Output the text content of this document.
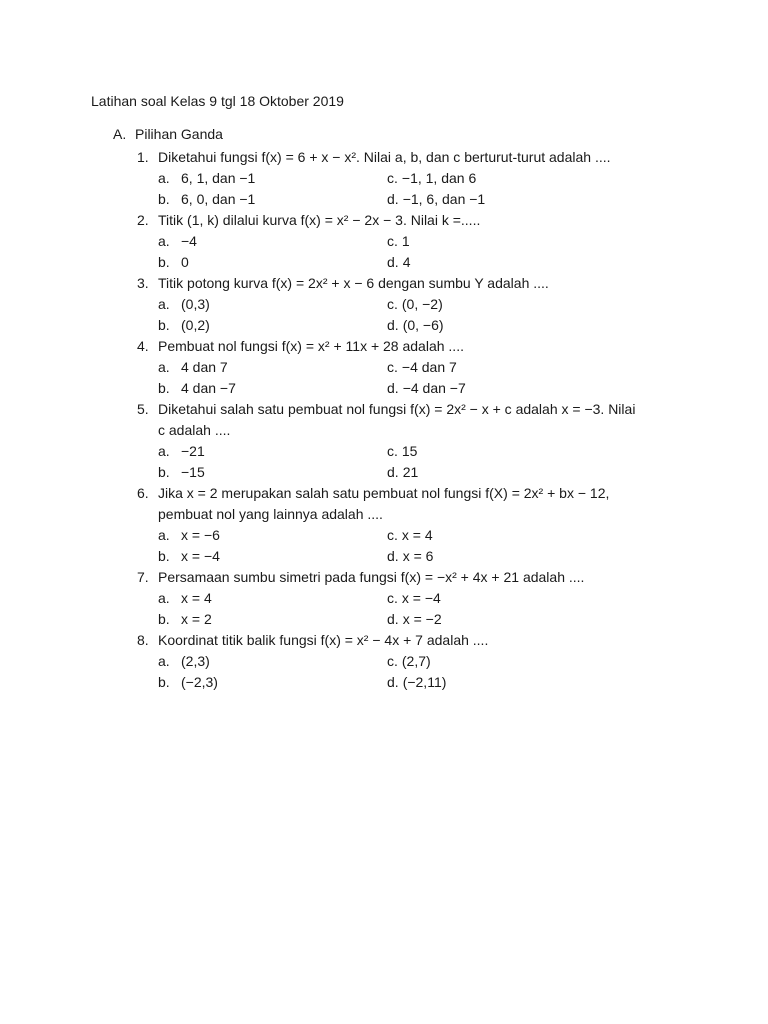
Latihan soal Kelas 9 tgl 18 Oktober 2019
A. Pilihan Ganda
1. Diketahui fungsi f(x) = 6 + x − x². Nilai a, b, dan c berturut-turut adalah ....
a. 6, 1, dan −1	c. −1, 1, dan 6
b. 6, 0, dan −1	d. −1, 6, dan −1
2. Titik (1, k) dilalui kurva f(x) = x² − 2x − 3. Nilai k =.....
a. −4	c. 1
b. 0	d. 4
3. Titik potong kurva f(x) = 2x² + x − 6 dengan sumbu Y adalah ....
a. (0,3)	c. (0, −2)
b. (0,2)	d. (0, −6)
4. Pembuat nol fungsi f(x) = x² + 11x + 28 adalah ....
a. 4 dan 7	c. −4 dan 7
b. 4 dan −7	d. −4 dan −7
5. Diketahui salah satu pembuat nol fungsi f(x) = 2x² − x + c adalah x = −3. Nilai
c adalah ....
a. −21	c. 15
b. −15	d. 21
6. Jika x = 2 merupakan salah satu pembuat nol fungsi f(X) = 2x² + bx − 12,
pembuat nol yang lainnya adalah ....
a. x = −6	c. x = 4
b. x = −4	d. x = 6
7. Persamaan sumbu simetri pada fungsi f(x) = −x² + 4x + 21 adalah ....
a. x = 4	c. x = −4
b. x = 2	d. x = −2
8. Koordinat titik balik fungsi f(x) = x² − 4x + 7 adalah ....
a. (2,3)	c. (2,7)
b. (−2,3)	d. (−2,11)
